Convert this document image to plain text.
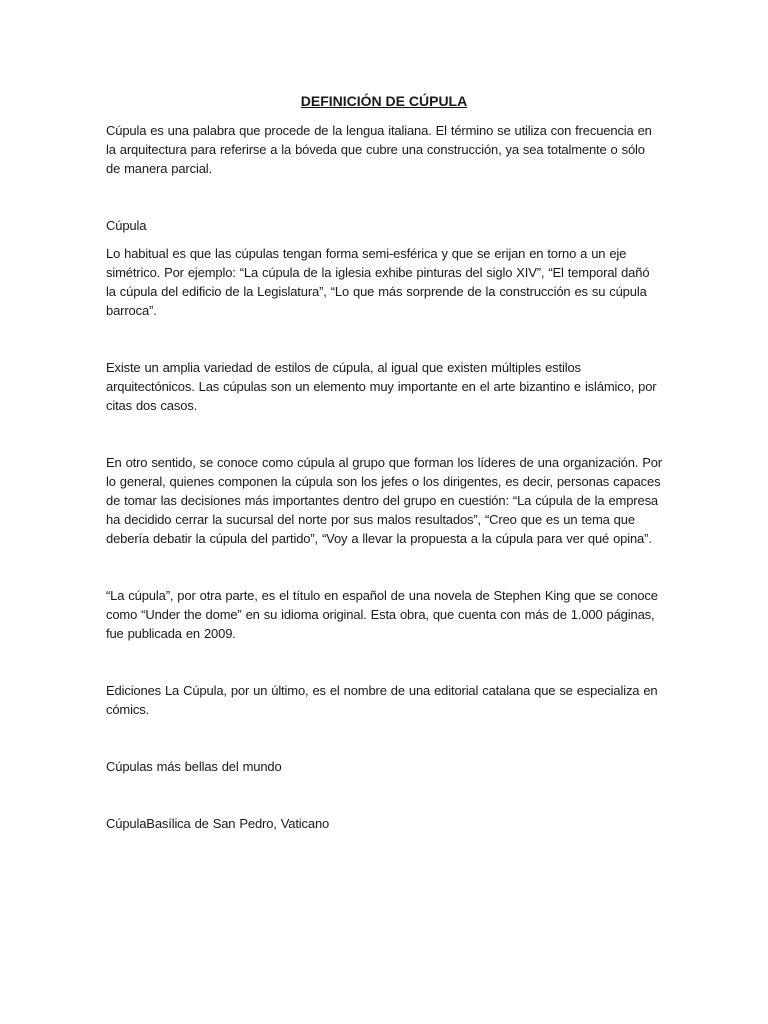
DEFINICIÓN DE CÚPULA

Cúpula es una palabra que procede de la lengua italiana. El término se utiliza con frecuencia en la arquitectura para referirse a la bóveda que cubre una construcción, ya sea totalmente o sólo de manera parcial.

Cúpula

Lo habitual es que las cúpulas tengan forma semi-esférica y que se erijan en torno a un eje simétrico. Por ejemplo: “La cúpula de la iglesia exhibe pinturas del siglo XIV”, “El temporal dañó la cúpula del edificio de la Legislatura”, “Lo que más sorprende de la construcción es su cúpula barroca”.

Existe un amplia variedad de estilos de cúpula, al igual que existen múltiples estilos arquitectónicos. Las cúpulas son un elemento muy importante en el arte bizantino e islámico, por citas dos casos.

En otro sentido, se conoce como cúpula al grupo que forman los líderes de una organización. Por lo general, quienes componen la cúpula son los jefes o los dirigentes, es decir, personas capaces de tomar las decisiones más importantes dentro del grupo en cuestión: “La cúpula de la empresa ha decidido cerrar la sucursal del norte por sus malos resultados”, “Creo que es un tema que debería debatir la cúpula del partido”, “Voy a llevar la propuesta a la cúpula para ver qué opina”.

“La cúpula”, por otra parte, es el título en español de una novela de Stephen King que se conoce como “Under the dome” en su idioma original. Esta obra, que cuenta con más de 1.000 páginas, fue publicada en 2009.

Ediciones La Cúpula, por un último, es el nombre de una editorial catalana que se especializa en cómics.

Cúpulas más bellas del mundo

CúpulaBasílica de San Pedro, Vaticano
